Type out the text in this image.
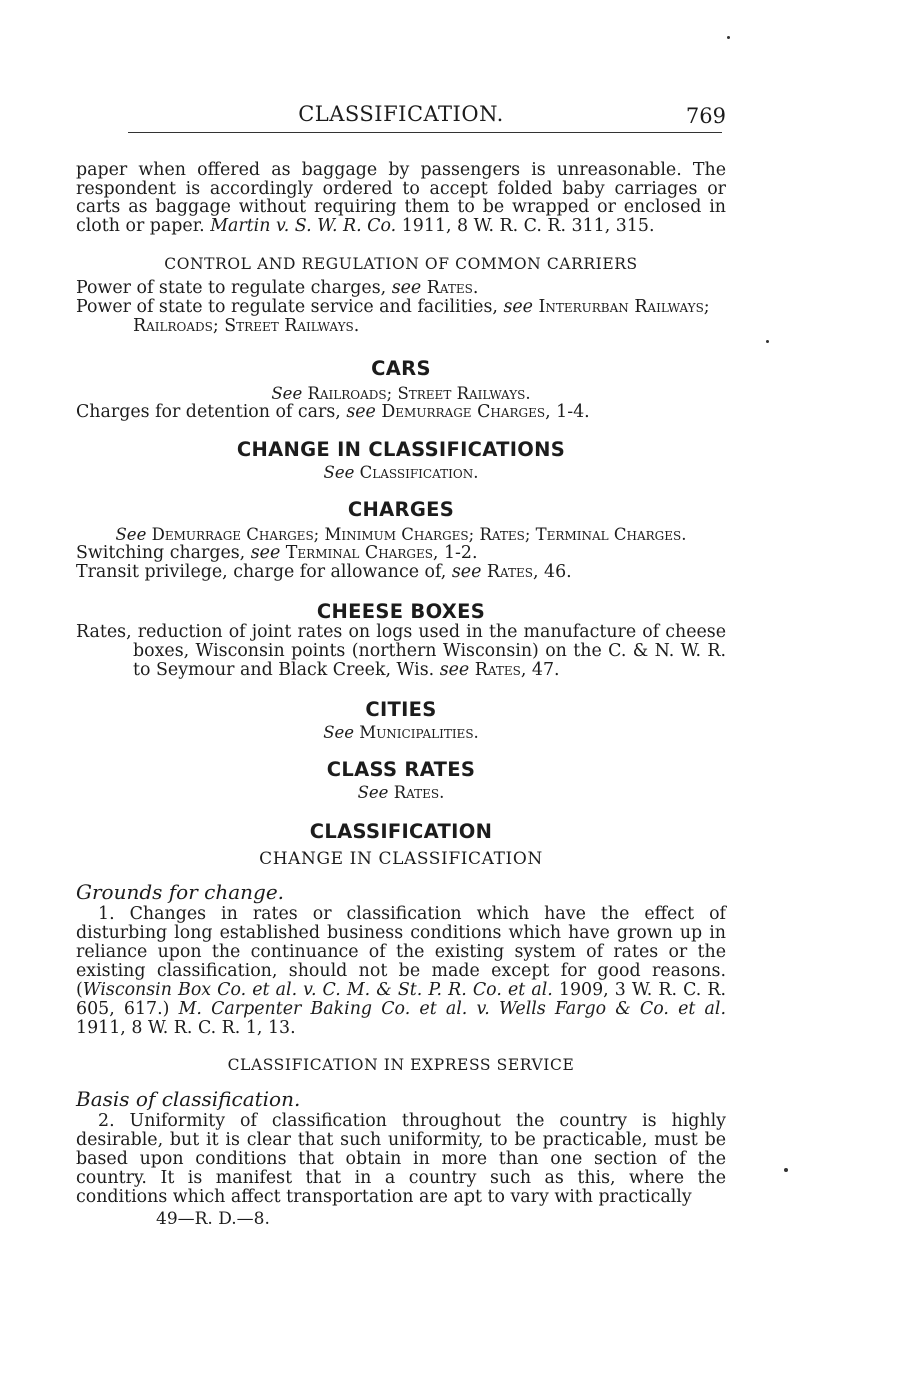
CLASSIFICATION.	769

paper when offered as baggage by passengers is unreasonable. The respondent is accordingly ordered to accept folded baby carriages or carts as baggage without requiring them to be wrapped or enclosed in cloth or paper. Martin v. S. W. R. Co. 1911, 8 W. R. C. R. 311, 315.

CONTROL AND REGULATION OF COMMON CARRIERS

Power of state to regulate charges, see Rates.

Power of state to regulate service and facilities, see Interurban Railways; Railroads; Street Railways.

CARS

See Railroads; Street Railways.

Charges for detention of cars, see Demurrage Charges, 1-4.

CHANGE IN CLASSIFICATIONS

See Classification.

CHARGES

See Demurrage Charges; Minimum Charges; Rates; Terminal Charges.

Switching charges, see Terminal Charges, 1-2.

Transit privilege, charge for allowance of, see Rates, 46.

CHEESE BOXES

Rates, reduction of joint rates on logs used in the manufacture of cheese boxes, Wisconsin points (northern Wisconsin) on the C. & N. W. R. to Seymour and Black Creek, Wis. see Rates, 47.

CITIES

See Municipalities.

CLASS RATES

See Rates.

CLASSIFICATION
CHANGE IN CLASSIFICATION

Grounds for change.

1. Changes in rates or classification which have the effect of disturbing long established business conditions which have grown up in reliance upon the continuance of the existing system of rates or the existing classification, should not be made except for good reasons. (Wisconsin Box Co. et al. v. C. M. & St. P. R. Co. et al. 1909, 3 W. R. C. R. 605, 617.) M. Carpenter Baking Co. et al. v. Wells Fargo & Co. et al. 1911, 8 W. R. C. R. 1, 13.

CLASSIFICATION IN EXPRESS SERVICE

Basis of classification.

2. Uniformity of classification throughout the country is highly desirable, but it is clear that such uniformity, to be practicable, must be based upon conditions that obtain in more than one section of the country. It is manifest that in a country such as this, where the conditions which affect transportation are apt to vary with practically

49—R. D.—8.
